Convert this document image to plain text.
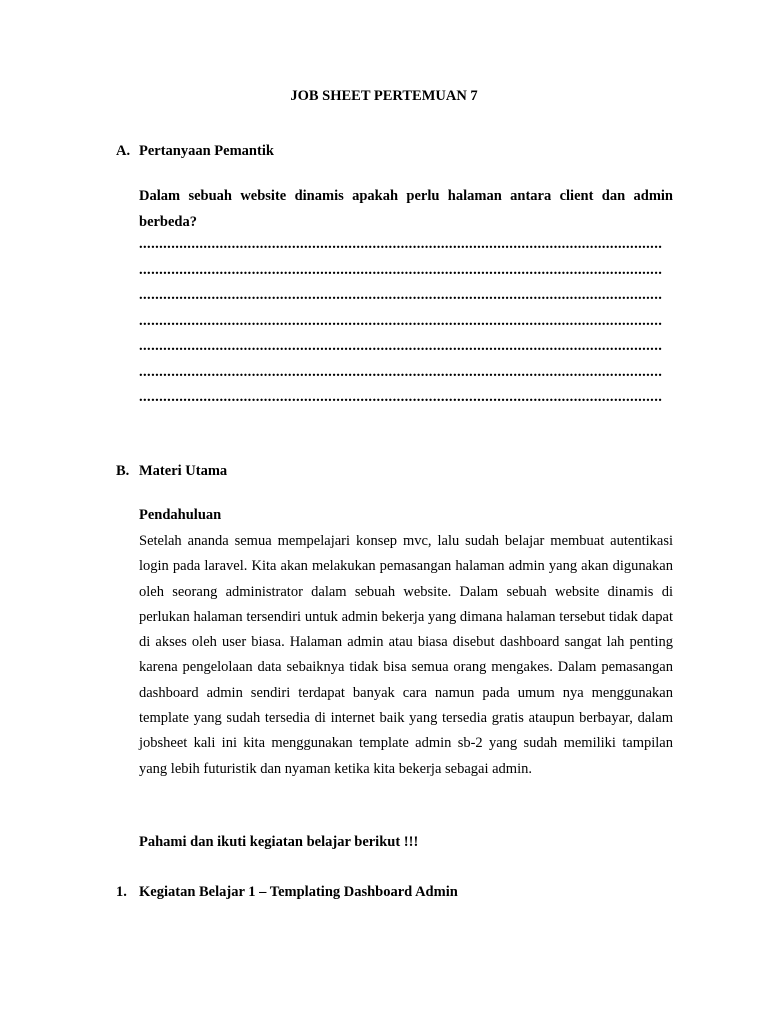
JOB SHEET PERTEMUAN 7
A. Pertanyaan Pemantik

Dalam sebuah website dinamis apakah perlu halaman antara client dan admin berbeda?

..................................................................................................................................
..................................................................................................................................
..................................................................................................................................
..................................................................................................................................
..................................................................................................................................
..................................................................................................................................
..................................................................................................................................
B. Materi Utama

Pendahuluan

Setelah ananda semua mempelajari konsep mvc, lalu sudah belajar membuat autentikasi login pada laravel. Kita akan melakukan pemasangan halaman admin yang akan digunakan oleh seorang administrator dalam sebuah website. Dalam sebuah website dinamis di perlukan halaman tersendiri untuk admin bekerja yang dimana halaman tersebut tidak dapat di akses oleh user biasa. Halaman admin atau biasa disebut dashboard sangat lah penting karena pengelolaan data sebaiknya tidak bisa semua orang mengakes. Dalam pemasangan dashboard admin sendiri terdapat banyak cara namun pada umum nya menggunakan template yang sudah tersedia di internet baik yang tersedia gratis ataupun berbayar, dalam jobsheet kali ini kita menggunakan template admin sb-2 yang sudah memiliki tampilan yang lebih futuristik dan nyaman ketika kita bekerja sebagai admin.

Pahami dan ikuti kegiatan belajar berikut !!!

1. Kegiatan Belajar 1 – Templating Dashboard Admin
